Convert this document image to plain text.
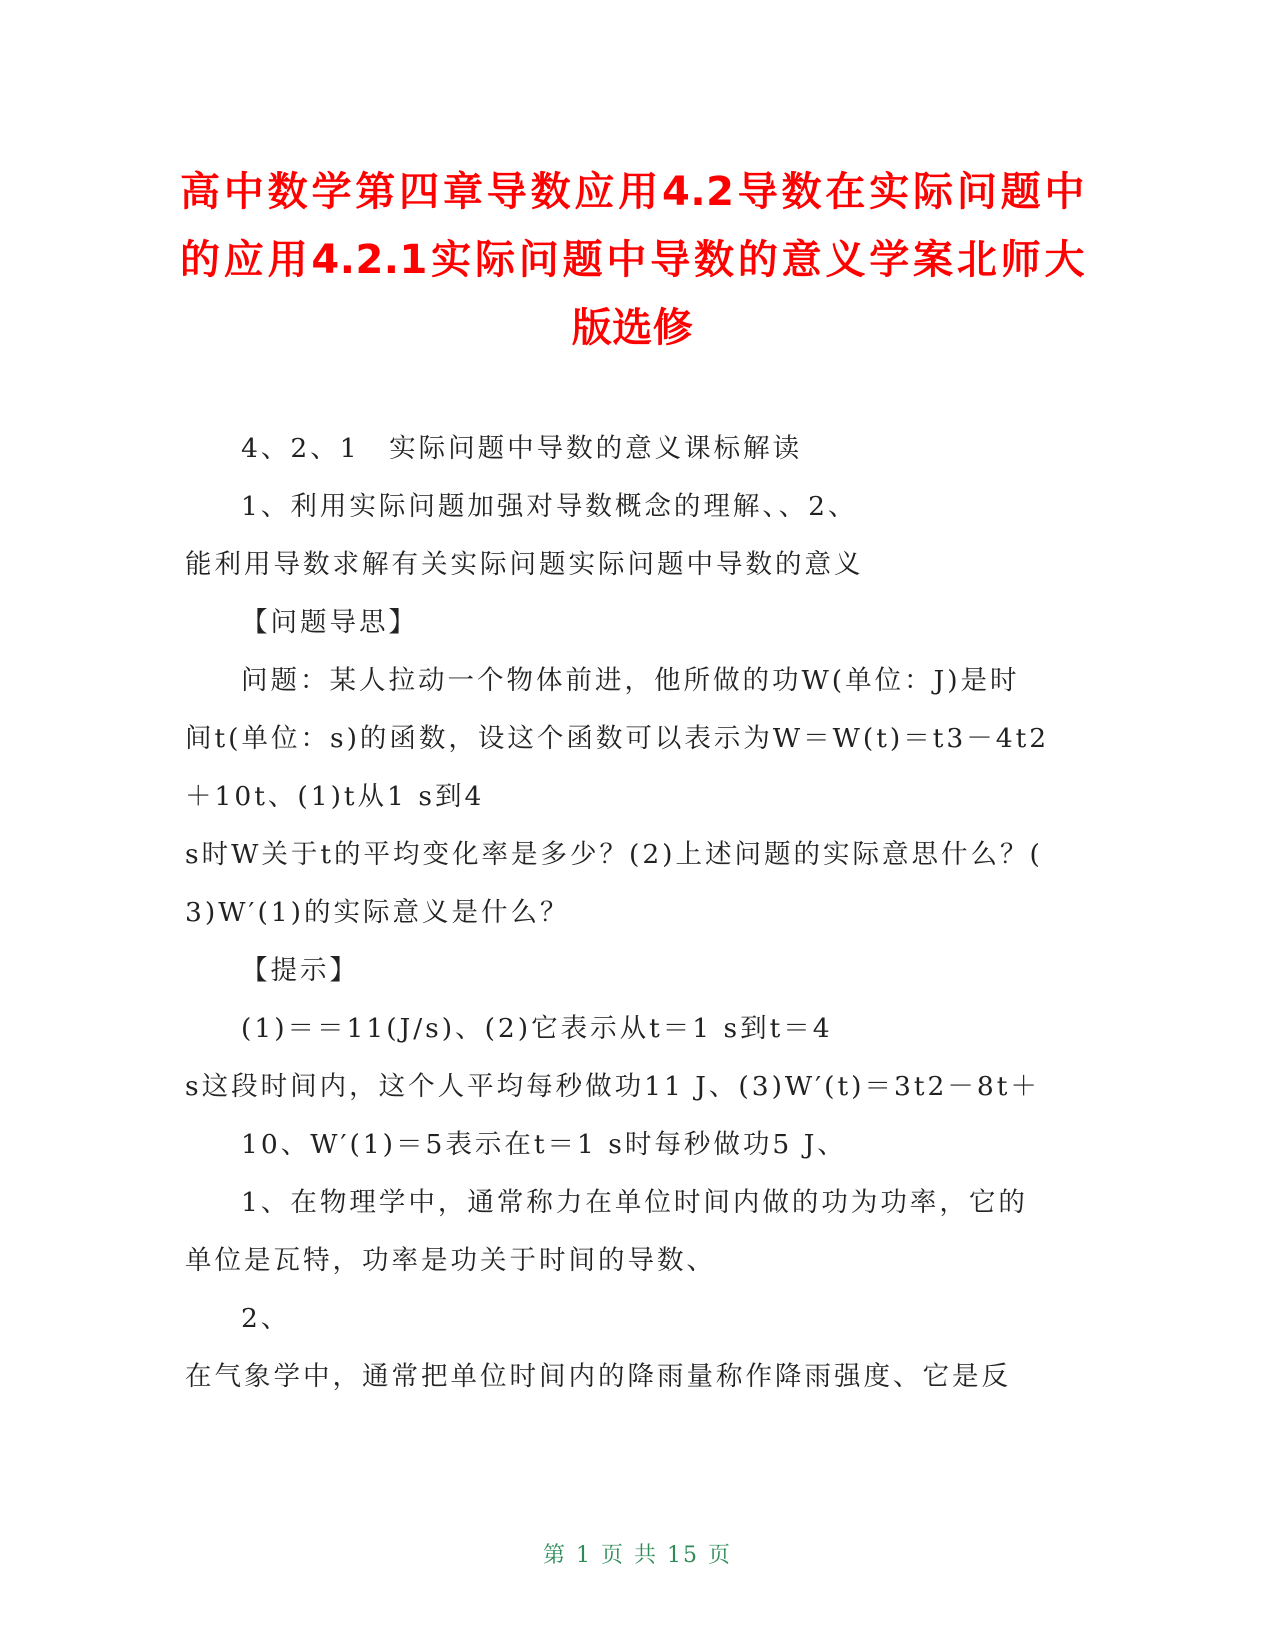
高中数学第四章导数应用4.2导数在实际问题中
的应用4.2.1实际问题中导数的意义学案北师大
版选修
4、2、1　实际问题中导数的意义课标解读
1、利用实际问题加强对导数概念的理解、、2、
能利用导数求解有关实际问题实际问题中导数的意义
【问题导思】
问题：某人拉动一个物体前进，他所做的功W(单位：J)是时
间t(单位：s)的函数，设这个函数可以表示为W＝W(t)＝t3－4t2
＋10t、(1)t从1 s到4
s时W关于t的平均变化率是多少？(2)上述问题的实际意思什么？(
3)W′(1)的实际意义是什么？
【提示】
(1)＝＝11(J/s)、(2)它表示从t＝1 s到t＝4
s这段时间内，这个人平均每秒做功11 J、(3)W′(t)＝3t2－8t＋
10、W′(1)＝5表示在t＝1 s时每秒做功5 J、
1、在物理学中，通常称力在单位时间内做的功为功率，它的
单位是瓦特，功率是功关于时间的导数、
2、
在气象学中，通常把单位时间内的降雨量称作降雨强度、它是反
第 1 页 共 15 页
